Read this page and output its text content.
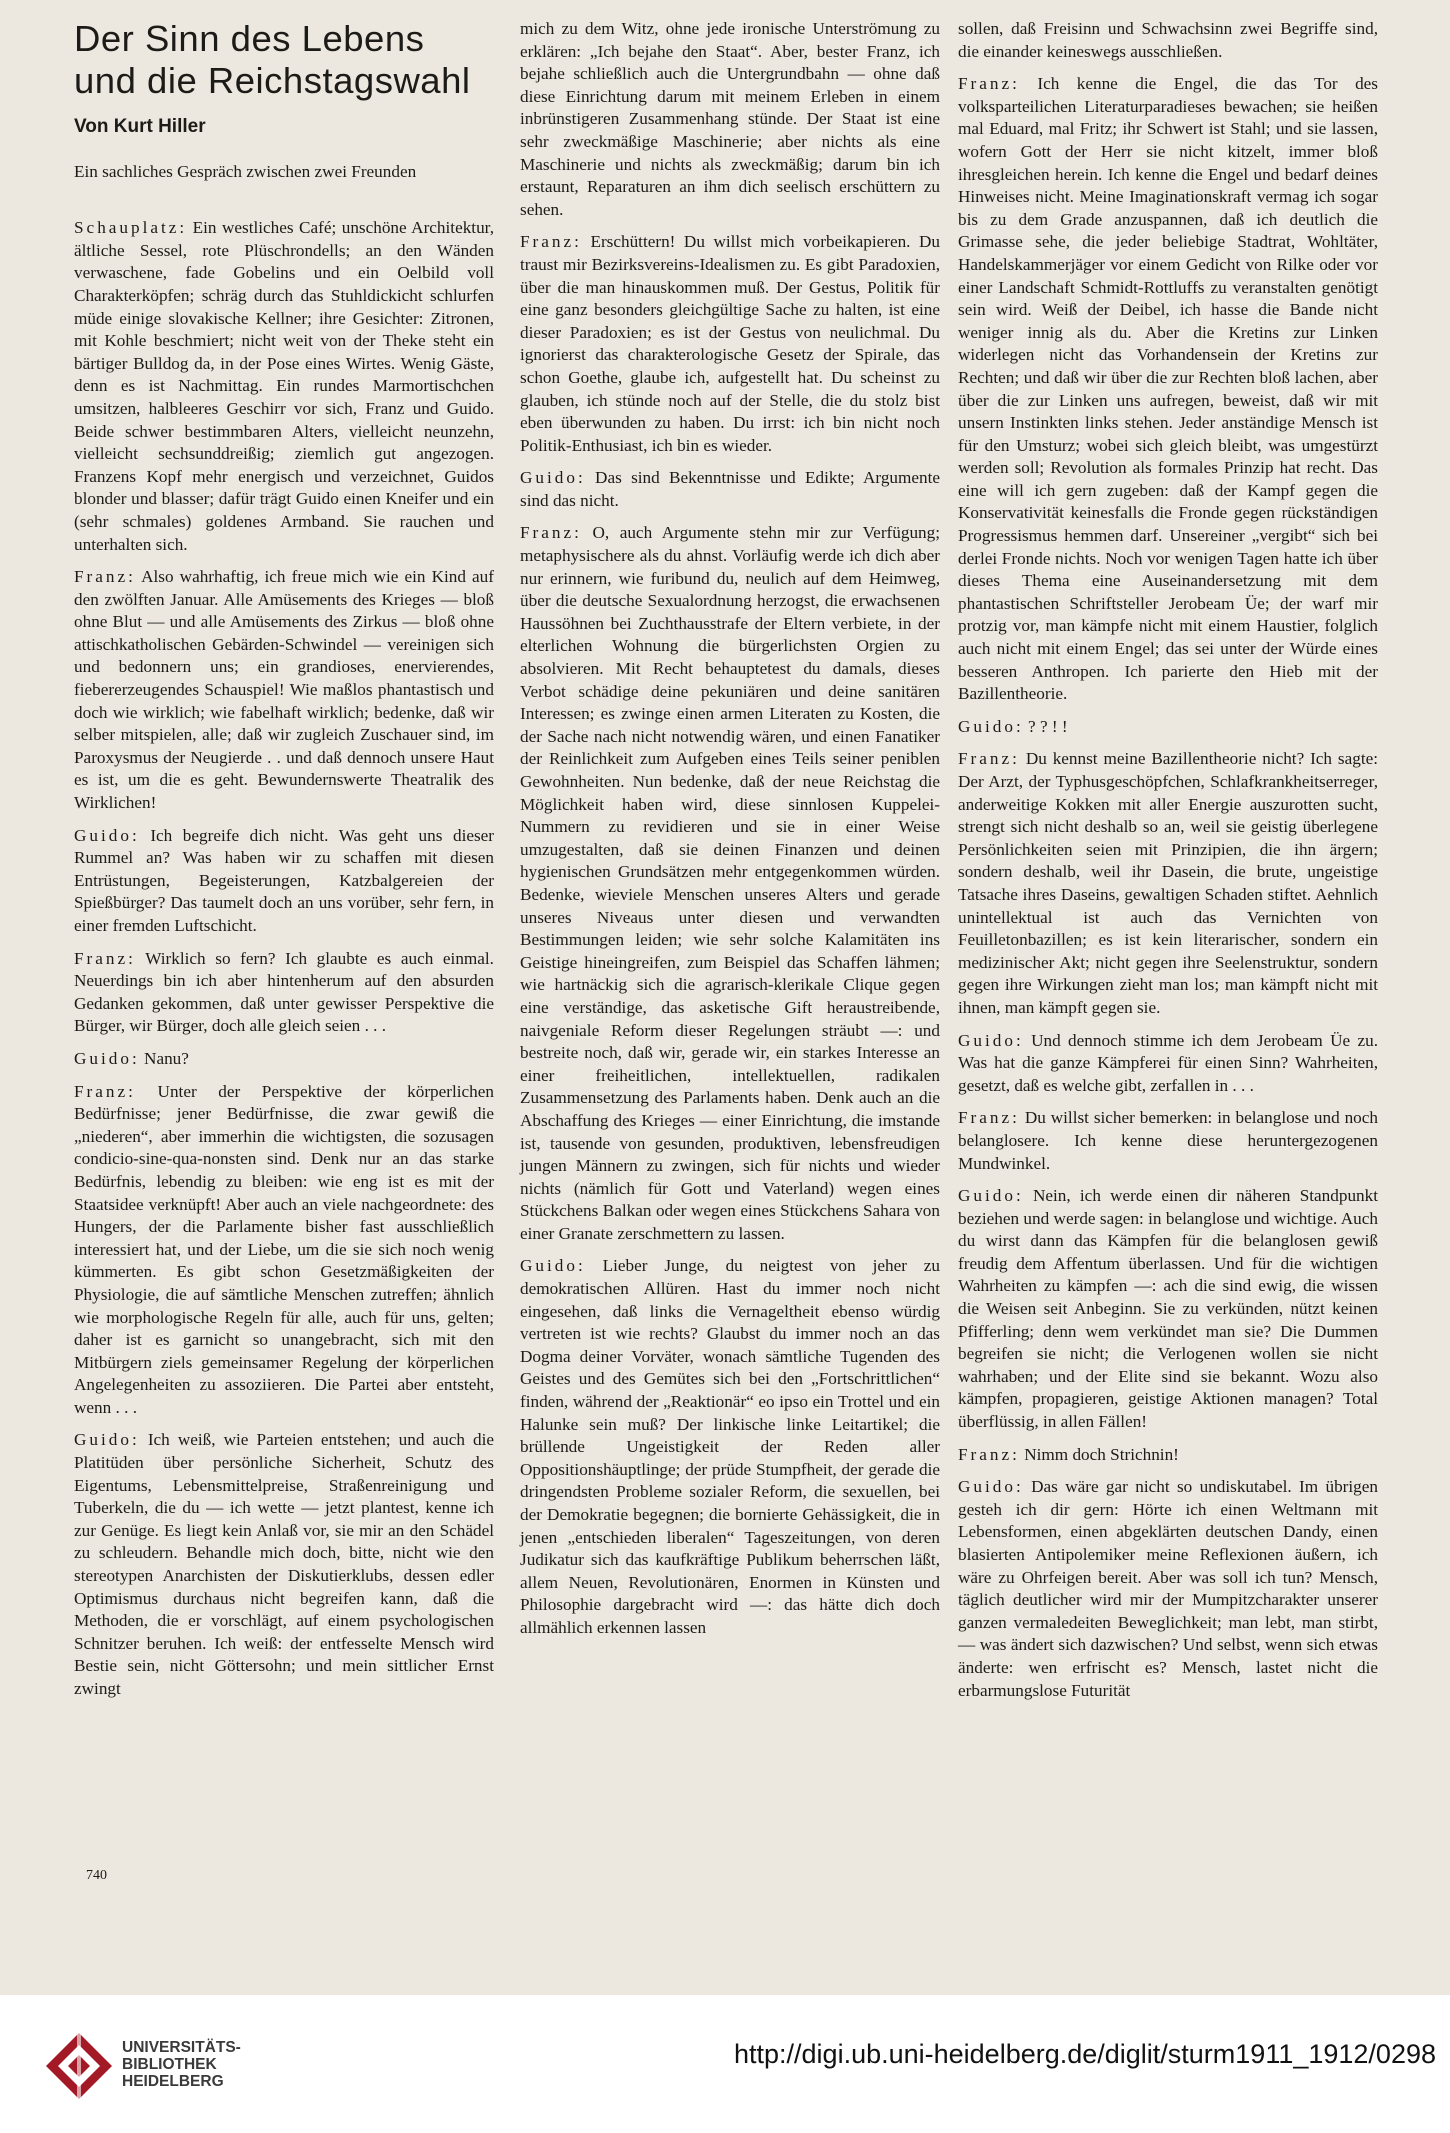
Der Sinn des Lebens
und die Reichstagswahl
Von Kurt Hiller
Ein sachliches Gespräch zwischen zwei Freunden

Schauplatz: Ein westliches Café; unschöne Architektur, ältliche Sessel, rote Plüschrondells; an den Wänden verwaschene, fade Gobelins und ein Oelbild voll Charakterköpfen; schräg durch das Stuhldickicht schlurfen müde einige slovakische Kellner; ihre Gesichter: Zitronen, mit Kohle beschmiert; nicht weit von der Theke steht ein bärtiger Bulldog da, in der Pose eines Wirtes. Wenig Gäste, denn es ist Nachmittag. Ein rundes Marmortischchen umsitzen, halbleeres Geschirr vor sich, Franz und Guido. Beide schwer bestimmbaren Alters, vielleicht neunzehn, vielleicht sechsunddreißig; ziemlich gut angezogen. Franzens Kopf mehr energisch und verzeichnet, Guidos blonder und blasser; dafür trägt Guido einen Kneifer und ein (sehr schmales) goldenes Armband. Sie rauchen und unterhalten sich.

Franz: Also wahrhaftig, ich freue mich wie ein Kind auf den zwölften Januar. Alle Amüsements des Krieges — bloß ohne Blut — und alle Amüsements des Zirkus — bloß ohne attischkatholischen Gebärden-Schwindel — vereinigen sich und bedonnern uns; ein grandioses, enervierendes, fiebererzeugendes Schauspiel! Wie maßlos phantastisch und doch wie wirklich; wie fabelhaft wirklich; bedenke, daß wir selber mitspielen, alle; daß wir zugleich Zuschauer sind, im Paroxysmus der Neugierde . . und daß dennoch unsere Haut es ist, um die es geht. Bewundernswerte Theatralik des Wirklichen!

Guido: Ich begreife dich nicht. Was geht uns dieser Rummel an? Was haben wir zu schaffen mit diesen Entrüstungen, Begeisterungen, Katzbalgereien der Spießbürger? Das taumelt doch an uns vorüber, sehr fern, in einer fremden Luftschicht.

Franz: Wirklich so fern? Ich glaubte es auch einmal. Neuerdings bin ich aber hintenherum auf den absurden Gedanken gekommen, daß unter gewisser Perspektive die Bürger, wir Bürger, doch alle gleich seien . . .

Guido: Nanu?

Franz: Unter der Perspektive der körperlichen Bedürfnisse; jener Bedürfnisse, die zwar gewiß die „niederen“, aber immerhin die wichtigsten, die sozusagen condicio-sine-qua-nonsten sind. Denk nur an das starke Bedürfnis, lebendig zu bleiben: wie eng ist es mit der Staatsidee verknüpft! Aber auch an viele nachgeordnete: des Hungers, der die Parlamente bisher fast ausschließlich interessiert hat, und der Liebe, um die sie sich noch wenig kümmerten. Es gibt schon Gesetzmäßigkeiten der Physiologie, die auf sämtliche Menschen zutreffen; ähnlich wie morphologische Regeln für alle, auch für uns, gelten; daher ist es garnicht so unangebracht, sich mit den Mitbürgern ziels gemeinsamer Regelung der körperlichen Angelegenheiten zu assoziieren. Die Partei aber entsteht, wenn . . .

Guido: Ich weiß, wie Parteien entstehen; und auch die Platitüden über persönliche Sicherheit, Schutz des Eigentums, Lebensmittelpreise, Straßenreinigung und Tuberkeln, die du — ich wette — jetzt plantest, kenne ich zur Genüge. Es liegt kein Anlaß vor, sie mir an den Schädel zu schleudern. Behandle mich doch, bitte, nicht wie den stereotypen Anarchisten der Diskutierklubs, dessen edler Optimismus durchaus nicht begreifen kann, daß die Methoden, die er vorschlägt, auf einem psychologischen Schnitzer beruhen. Ich weiß: der entfesselte Mensch wird Bestie sein, nicht Göttersohn; und mein sittlicher Ernst zwingt

mich zu dem Witz, ohne jede ironische Unterströmung zu erklären: „Ich bejahe den Staat“. Aber, bester Franz, ich bejahe schließlich auch die Untergrundbahn — ohne daß diese Einrichtung darum mit meinem Erleben in einem inbrünstigeren Zusammenhang stünde. Der Staat ist eine sehr zweckmäßige Maschinerie; aber nichts als eine Maschinerie und nichts als zweckmäßig; darum bin ich erstaunt, Reparaturen an ihm dich seelisch erschüttern zu sehen.

Franz: Erschüttern! Du willst mich vorbeikapieren. Du traust mir Bezirksvereins-Idealismen zu. Es gibt Paradoxien, über die man hinauskommen muß. Der Gestus, Politik für eine ganz besonders gleichgültige Sache zu halten, ist eine dieser Paradoxien; es ist der Gestus von neulichmal. Du ignorierst das charakterologische Gesetz der Spirale, das schon Goethe, glaube ich, aufgestellt hat. Du scheinst zu glauben, ich stünde noch auf der Stelle, die du stolz bist eben überwunden zu haben. Du irrst: ich bin nicht noch Politik-Enthusiast, ich bin es wieder.

Guido: Das sind Bekenntnisse und Edikte; Argumente sind das nicht.

Franz: O, auch Argumente stehn mir zur Verfügung; metaphysischere als du ahnst. Vorläufig werde ich dich aber nur erinnern, wie furibund du, neulich auf dem Heimweg, über die deutsche Sexualordnung herzogst, die erwachsenen Haussöhnen bei Zuchthausstrafe der Eltern verbiete, in der elterlichen Wohnung die bürgerlichsten Orgien zu absolvieren. Mit Recht behauptetest du damals, dieses Verbot schädige deine pekuniären und deine sanitären Interessen; es zwinge einen armen Literaten zu Kosten, die der Sache nach nicht notwendig wären, und einen Fanatiker der Reinlichkeit zum Aufgeben eines Teils seiner peniblen Gewohnheiten. Nun bedenke, daß der neue Reichstag die Möglichkeit haben wird, diese sinnlosen Kuppelei-Nummern zu revidieren und sie in einer Weise umzugestalten, daß sie deinen Finanzen und deinen hygienischen Grundsätzen mehr entgegenkommen würden. Bedenke, wieviele Menschen unseres Alters und gerade unseres Niveaus unter diesen und verwandten Bestimmungen leiden; wie sehr solche Kalamitäten ins Geistige hineingreifen, zum Beispiel das Schaffen lähmen; wie hartnäckig sich die agrarisch-klerikale Clique gegen eine verständige, das asketische Gift heraustreibende, naivgeniale Reform dieser Regelungen sträubt —: und bestreite noch, daß wir, gerade wir, ein starkes Interesse an einer freiheitlichen, intellektuellen, radikalen Zusammensetzung des Parlaments haben. Denk auch an die Abschaffung des Krieges — einer Einrichtung, die imstande ist, tausende von gesunden, produktiven, lebensfreudigen jungen Männern zu zwingen, sich für nichts und wieder nichts (nämlich für Gott und Vaterland) wegen eines Stückchens Balkan oder wegen eines Stückchens Sahara von einer Granate zerschmettern zu lassen.

Guido: Lieber Junge, du neigtest von jeher zu demokratischen Allüren. Hast du immer noch nicht eingesehen, daß links die Vernageltheit ebenso würdig vertreten ist wie rechts? Glaubst du immer noch an das Dogma deiner Vorväter, wonach sämtliche Tugenden des Geistes und des Gemütes sich bei den „Fortschrittlichen“ finden, während der „Reaktionär“ eo ipso ein Trottel und ein Halunke sein muß? Der linkische linke Leitartikel; die brüllende Ungeistigkeit der Reden aller Oppositionshäuptlinge; der prüde Stumpfheit, der gerade die dringendsten Probleme sozialer Reform, die sexuellen, bei der Demokratie begegnen; die bornierte Gehässigkeit, die in jenen „entschieden liberalen“ Tageszeitungen, von deren Judikatur sich das kaufkräftige Publikum beherrschen läßt, allem Neuen, Revolutionären, Enormen in Künsten und Philosophie dargebracht wird —: das hätte dich doch allmählich erkennen lassen

sollen, daß Freisinn und Schwachsinn zwei Begriffe sind, die einander keineswegs ausschließen.

Franz: Ich kenne die Engel, die das Tor des volksparteilichen Literaturparadieses bewachen; sie heißen mal Eduard, mal Fritz; ihr Schwert ist Stahl; und sie lassen, wofern Gott der Herr sie nicht kitzelt, immer bloß ihresgleichen herein. Ich kenne die Engel und bedarf deines Hinweises nicht. Meine Imaginationskraft vermag ich sogar bis zu dem Grade anzuspannen, daß ich deutlich die Grimasse sehe, die jeder beliebige Stadtrat, Wohltäter, Handelskammerjäger vor einem Gedicht von Rilke oder vor einer Landschaft Schmidt-Rottluffs zu veranstalten genötigt sein wird. Weiß der Deibel, ich hasse die Bande nicht weniger innig als du. Aber die Kretins zur Linken widerlegen nicht das Vorhandensein der Kretins zur Rechten; und daß wir über die zur Rechten bloß lachen, aber über die zur Linken uns aufregen, beweist, daß wir mit unsern Instinkten links stehen. Jeder anständige Mensch ist für den Umsturz; wobei sich gleich bleibt, was umgestürzt werden soll; Revolution als formales Prinzip hat recht. Das eine will ich gern zugeben: daß der Kampf gegen die Konservativität keinesfalls die Fronde gegen rückständigen Progressismus hemmen darf. Unsereiner „vergibt“ sich bei derlei Fronde nichts. Noch vor wenigen Tagen hatte ich über dieses Thema eine Auseinandersetzung mit dem phantastischen Schriftsteller Jerobeam Üe; der warf mir protzig vor, man kämpfe nicht mit einem Haustier, folglich auch nicht mit einem Engel; das sei unter der Würde eines besseren Anthropen. Ich parierte den Hieb mit der Bazillentheorie.

Guido: ? ? ! !

Franz: Du kennst meine Bazillentheorie nicht? Ich sagte: Der Arzt, der Typhusgeschöpfchen, Schlafkrankheitserreger, anderweitige Kokken mit aller Energie auszurotten sucht, strengt sich nicht deshalb so an, weil sie geistig überlegene Persönlichkeiten seien mit Prinzipien, die ihn ärgern; sondern deshalb, weil ihr Dasein, die brute, ungeistige Tatsache ihres Daseins, gewaltigen Schaden stiftet. Aehnlich unintellektual ist auch das Vernichten von Feuilletonbazillen; es ist kein literarischer, sondern ein medizinischer Akt; nicht gegen ihre Seelenstruktur, sondern gegen ihre Wirkungen zieht man los; man kämpft nicht mit ihnen, man kämpft gegen sie.

Guido: Und dennoch stimme ich dem Jerobeam Üe zu. Was hat die ganze Kämpferei für einen Sinn? Wahrheiten, gesetzt, daß es welche gibt, zerfallen in . . .

Franz: Du willst sicher bemerken: in belanglose und noch belanglosere. Ich kenne diese heruntergezogenen Mundwinkel.

Guido: Nein, ich werde einen dir näheren Standpunkt beziehen und werde sagen: in belanglose und wichtige. Auch du wirst dann das Kämpfen für die belanglosen gewiß freudig dem Affentum überlassen. Und für die wichtigen Wahrheiten zu kämpfen —: ach die sind ewig, die wissen die Weisen seit Anbeginn. Sie zu verkünden, nützt keinen Pfifferling; denn wem verkündet man sie? Die Dummen begreifen sie nicht; die Verlogenen wollen sie nicht wahrhaben; und der Elite sind sie bekannt. Wozu also kämpfen, propagieren, geistige Aktionen managen? Total überflüssig, in allen Fällen!

Franz: Nimm doch Strichnin!

Guido: Das wäre gar nicht so undiskutabel. Im übrigen gesteh ich dir gern: Hörte ich einen Weltmann mit Lebensformen, einen abgeklärten deutschen Dandy, einen blasierten Antipolemiker meine Reflexionen äußern, ich wäre zu Ohrfeigen bereit. Aber was soll ich tun? Mensch, täglich deutlicher wird mir der Mumpitzcharakter unserer ganzen vermaledeiten Beweglichkeit; man lebt, man stirbt, — was ändert sich dazwischen? Und selbst, wenn sich etwas änderte: wen erfrischt es? Mensch, lastet nicht die erbarmungslose Futurität

740
UNIVERSITÄTS-
BIBLIOTHEK
HEIDELBERG
http://digi.ub.uni-heidelberg.de/diglit/sturm1911_1912/0298
